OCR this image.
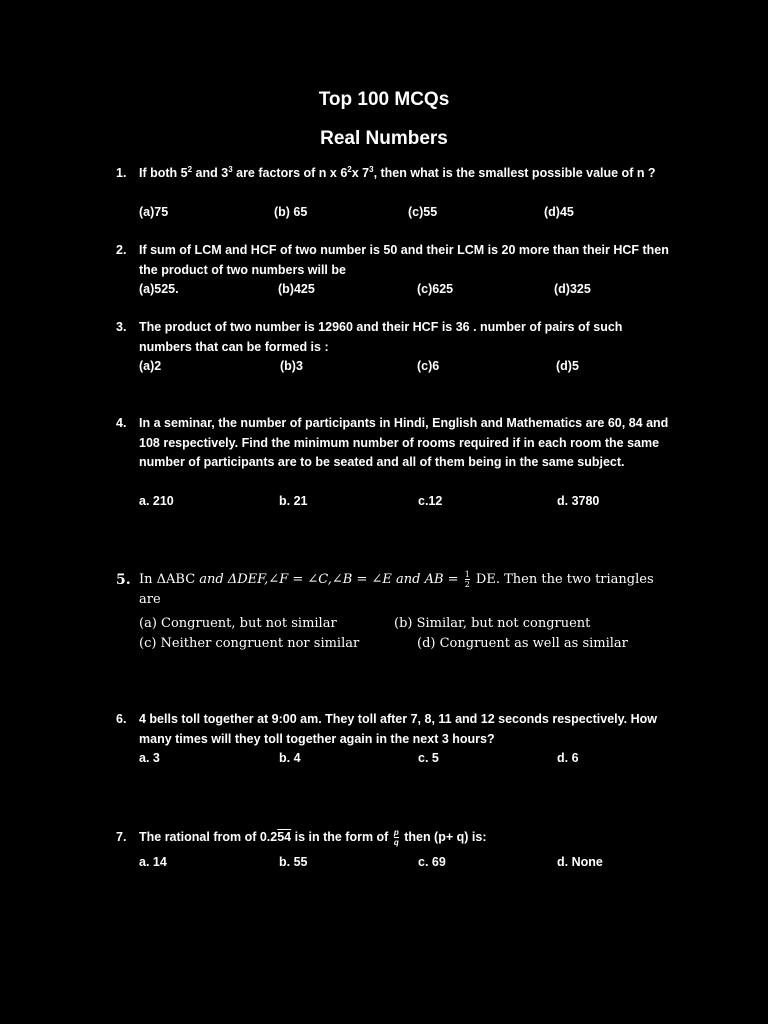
Top 100 MCQs
Real Numbers
1. If both $5^2$ and $3^3$ are factors of n x $6^2x$ $7^3$, then what is the smallest possible value of n ?
(a)75	(b) 65	(c)55	(d)45
2. If sum of LCM and HCF of two number is 50 and their LCM is 20 more than their HCF then the product of two numbers will be
(a)525.	(b)425	(c)625	(d)325
3. The product of two number is 12960 and their HCF is 36 . number of pairs of such numbers that can be formed is :
(a)2	(b)3	(c)6	(d)5
4. In a seminar, the number of participants in Hindi, English and Mathematics are 60, 84 and 108 respectively. Find the minimum number of rooms required if in each room the same number of participants are to be seated and all of them being in the same subject.
a. 210	b. 21	c.12	d. 3780
5. In ΔABC and ΔDEF,∠F = ∠C,∠B = ∠E and AB = $\frac{1}{2}$ DE. Then the two triangles are
(a) Congruent, but not similar	(b) Similar, but not congruent
(c) Neither congruent nor similar	(d) Congruent as well as similar
6. 4 bells toll together at 9:00 am. They toll after 7, 8, 11 and 12 seconds respectively. How many times will they toll together again in the next 3 hours?
a. 3	b. 4	c. 5	d. 6
7. The rational from of 0.254 is in the form of $\frac{p}{q}$ then (p+ q) is:
a. 14	b. 55	c. 69	d. None
